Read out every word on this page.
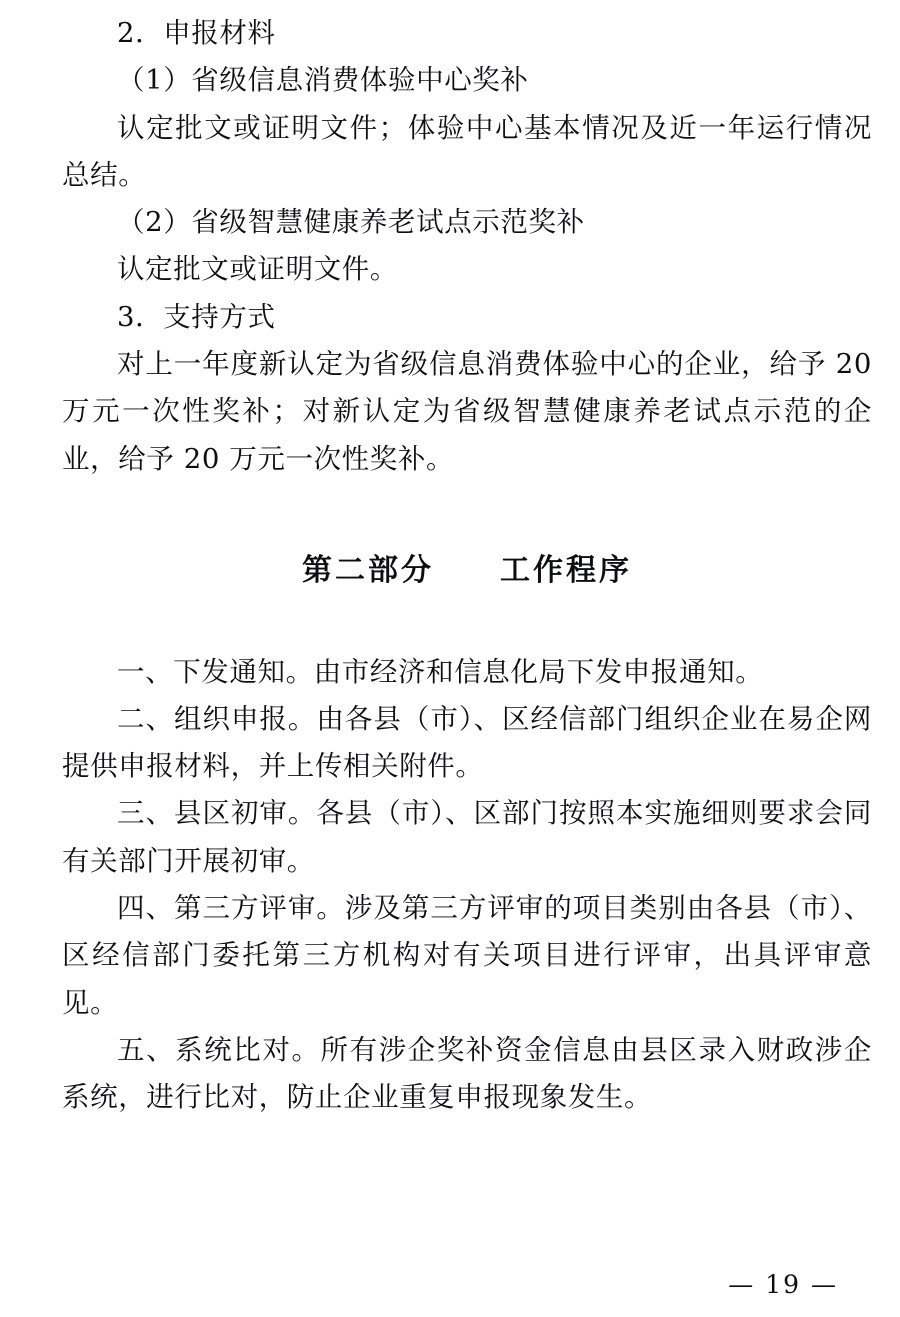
2．申报材料

（1）省级信息消费体验中心奖补

认定批文或证明文件；体验中心基本情况及近一年运行情况总结。

（2）省级智慧健康养老试点示范奖补

认定批文或证明文件。

3．支持方式

对上一年度新认定为省级信息消费体验中心的企业，给予 20 万元一次性奖补；对新认定为省级智慧健康养老试点示范的企业，给予 20 万元一次性奖补。

第二部分　　工作程序

一、下发通知。由市经济和信息化局下发申报通知。

二、组织申报。由各县（市）、区经信部门组织企业在易企网提供申报材料，并上传相关附件。

三、县区初审。各县（市）、区部门按照本实施细则要求会同有关部门开展初审。

四、第三方评审。涉及第三方评审的项目类别由各县（市）、区经信部门委托第三方机构对有关项目进行评审，出具评审意见。

五、系统比对。所有涉企奖补资金信息由县区录入财政涉企系统，进行比对，防止企业重复申报现象发生。

— 19 —
